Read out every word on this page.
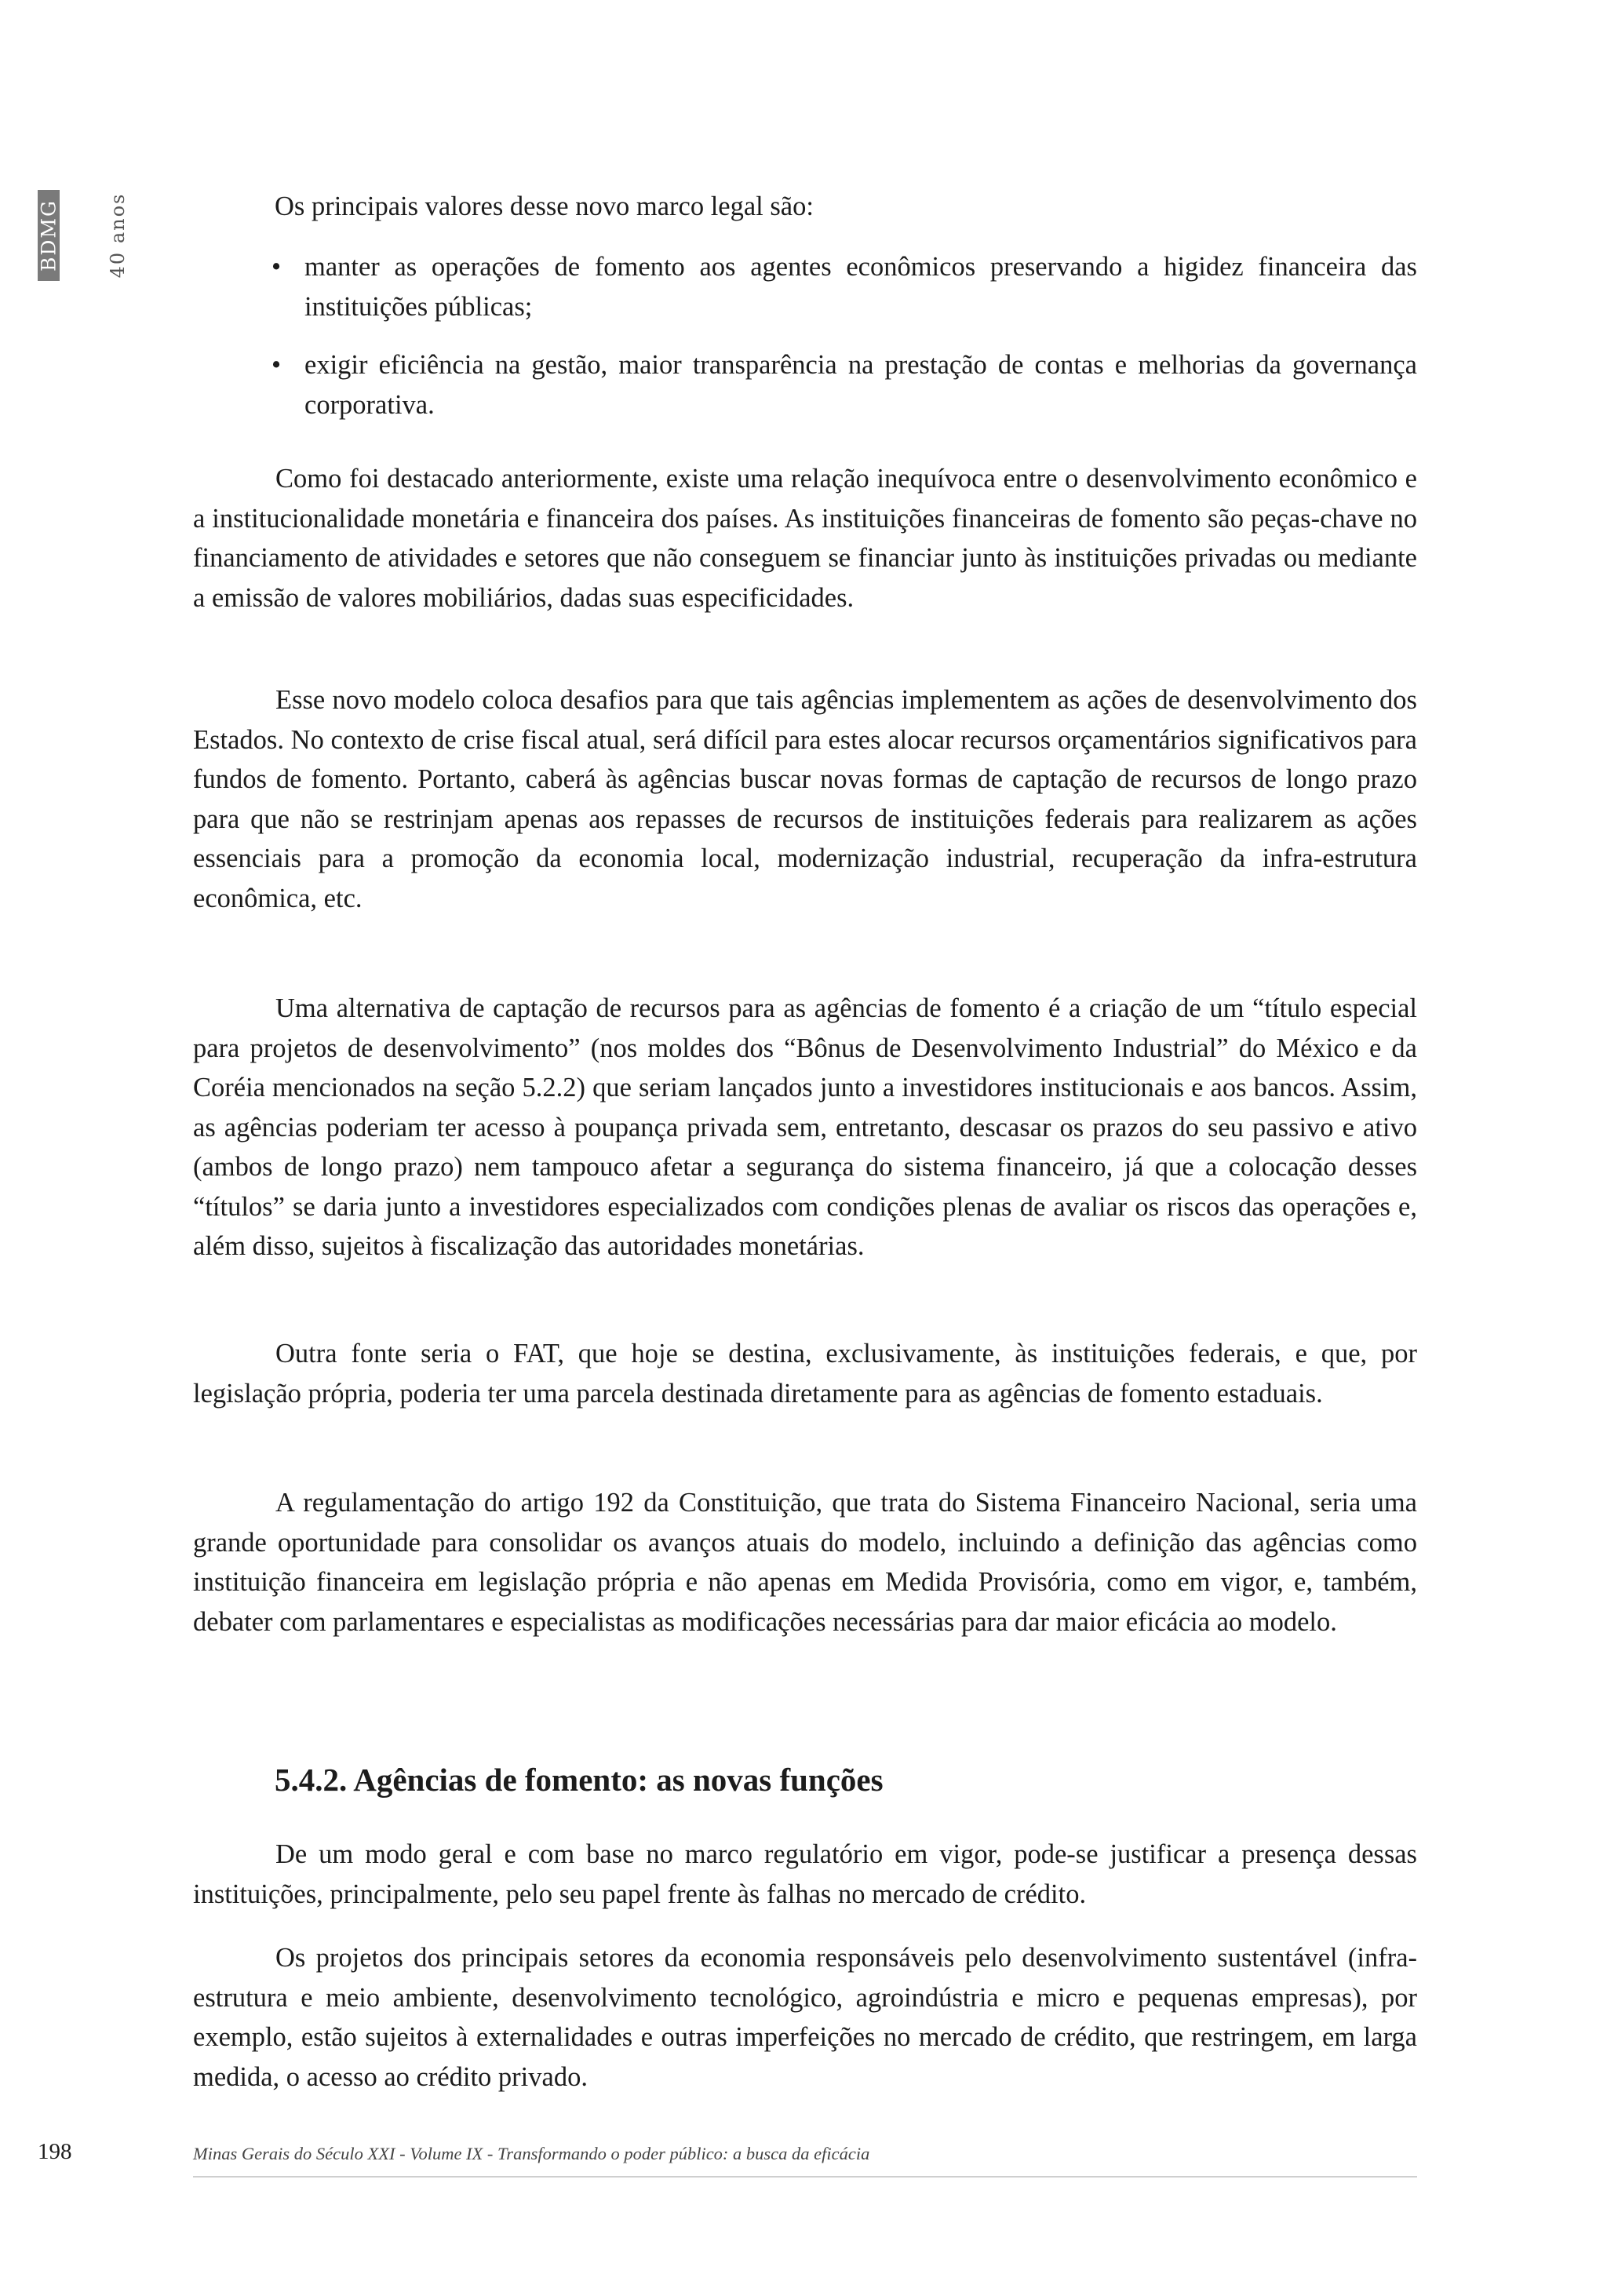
BDMG 40 anos	Os principais valores desse novo marco legal são:

• manter as operações de fomento aos agentes econômicos preservando a higidez financeira das instituições públicas;

• exigir eficiência na gestão, maior transparência na prestação de contas e melhorias da governança corporativa.

Como foi destacado anteriormente, existe uma relação inequívoca entre o desenvolvimento econômico e a institucionalidade monetária e financeira dos países. As instituições financeiras de fomento são peças-chave no financiamento de atividades e setores que não conseguem se financiar junto às instituições privadas ou mediante a emissão de valores mobiliários, dadas suas especificidades.

Esse novo modelo coloca desafios para que tais agências implementem as ações de desenvolvimento dos Estados. No contexto de crise fiscal atual, será difícil para estes alocar recursos orçamentários significativos para fundos de fomento. Portanto, caberá às agências buscar novas formas de captação de recursos de longo prazo para que não se restrinjam apenas aos repasses de recursos de instituições federais para realizarem as ações essenciais para a promoção da economia local, modernização industrial, recuperação da infra-estrutura econômica, etc.

Uma alternativa de captação de recursos para as agências de fomento é a criação de um “título especial para projetos de desenvolvimento” (nos moldes dos “Bônus de Desenvolvimento Industrial” do México e da Coréia mencionados na seção 5.2.2) que seriam lançados junto a investidores institucionais e aos bancos. Assim, as agências poderiam ter acesso à poupança privada sem, entretanto, descasar os prazos do seu passivo e ativo (ambos de longo prazo) nem tampouco afetar a segurança do sistema financeiro, já que a colocação desses “títulos” se daria junto a investidores especializados com condições plenas de avaliar os riscos das operações e, além disso, sujeitos à fiscalização das autoridades monetárias.

Outra fonte seria o FAT, que hoje se destina, exclusivamente, às instituições federais, e que, por legislação própria, poderia ter uma parcela destinada diretamente para as agências de fomento estaduais.

A regulamentação do artigo 192 da Constituição, que trata do Sistema Financeiro Nacional, seria uma grande oportunidade para consolidar os avanços atuais do modelo, incluindo a definição das agências como instituição financeira em legislação própria e não apenas em Medida Provisória, como em vigor, e, também, debater com parlamentares e especialistas as modificações necessárias para dar maior eficácia ao modelo.

5.4.2. Agências de fomento: as novas funções

De um modo geral e com base no marco regulatório em vigor, pode-se justificar a presença dessas instituições, principalmente, pelo seu papel frente às falhas no mercado de crédito.

Os projetos dos principais setores da economia responsáveis pelo desenvolvimento sustentável (infra-estrutura e meio ambiente, desenvolvimento tecnológico, agroindústria e micro e pequenas empresas), por exemplo, estão sujeitos à externalidades e outras imperfeições no mercado de crédito, que restringem, em larga medida, o acesso ao crédito privado.

198	Minas Gerais do Século XXI - Volume IX - Transformando o poder público: a busca da eficácia
